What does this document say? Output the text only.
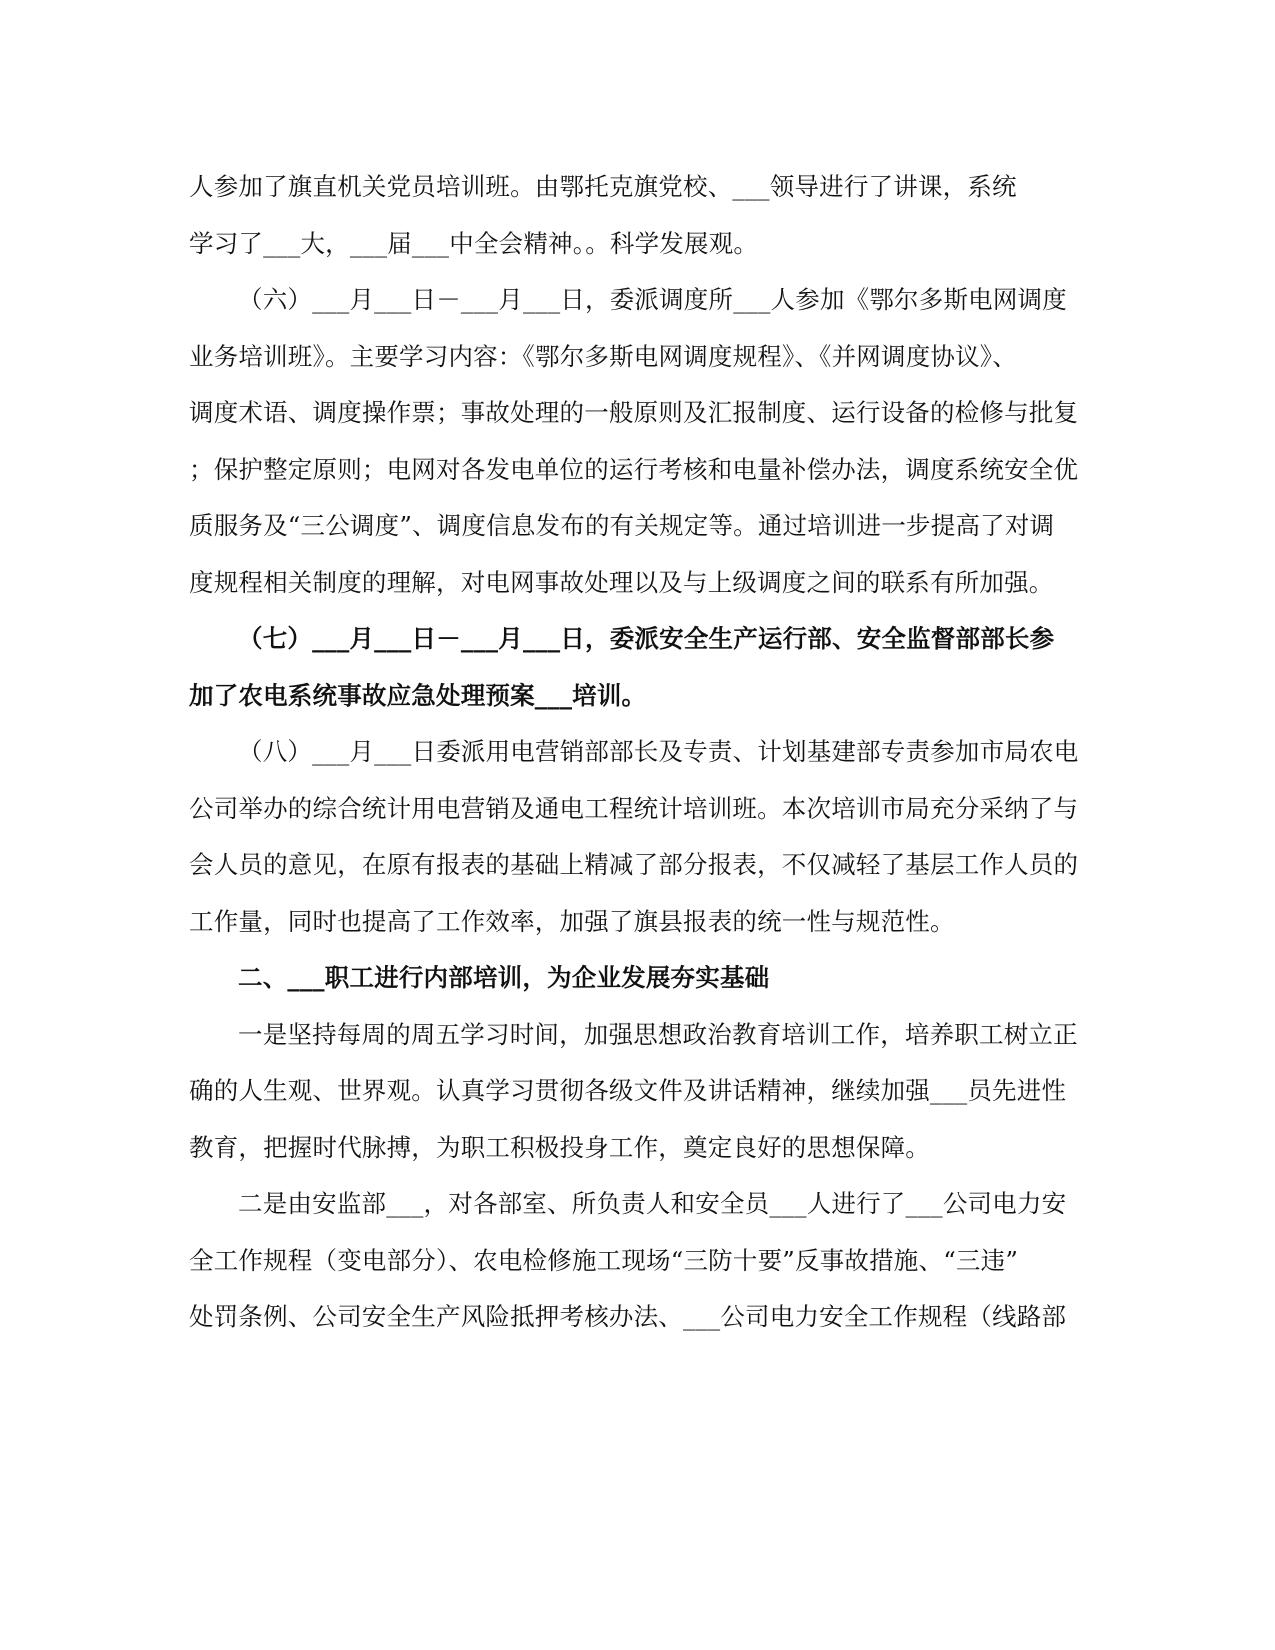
人参加了旗直机关党员培训班。由鄂托克旗党校、___领导进行了讲课，系统
学习了___大，___届___中全会精神。。科学发展观。
（六）___月___日－___月___日，委派调度所___人参加《鄂尔多斯电网调度
业务培训班》。主要学习内容：《鄂尔多斯电网调度规程》、《并网调度协议》、
调度术语、调度操作票；事故处理的一般原则及汇报制度、运行设备的检修与批复
；保护整定原则；电网对各发电单位的运行考核和电量补偿办法，调度系统安全优
质服务及“三公调度”、调度信息发布的有关规定等。通过培训进一步提高了对调
度规程相关制度的理解，对电网事故处理以及与上级调度之间的联系有所加强。
（七）___月___日－___月___日，委派安全生产运行部、安全监督部部长参
加了农电系统事故应急处理预案___培训。
（八）___月___日委派用电营销部部长及专责、计划基建部专责参加市局农电
公司举办的综合统计用电营销及通电工程统计培训班。本次培训市局充分采纳了与
会人员的意见，在原有报表的基础上精减了部分报表，不仅减轻了基层工作人员的
工作量，同时也提高了工作效率，加强了旗县报表的统一性与规范性。
二、___职工进行内部培训，为企业发展夯实基础
一是坚持每周的周五学习时间，加强思想政治教育培训工作，培养职工树立正
确的人生观、世界观。认真学习贯彻各级文件及讲话精神，继续加强___员先进性
教育，把握时代脉搏，为职工积极投身工作，奠定良好的思想保障。
二是由安监部___，对各部室、所负责人和安全员___人进行了___公司电力安
全工作规程（变电部分）、农电检修施工现场“三防十要”反事故措施、“三违”
处罚条例、公司安全生产风险抵押考核办法、___公司电力安全工作规程（线路部
